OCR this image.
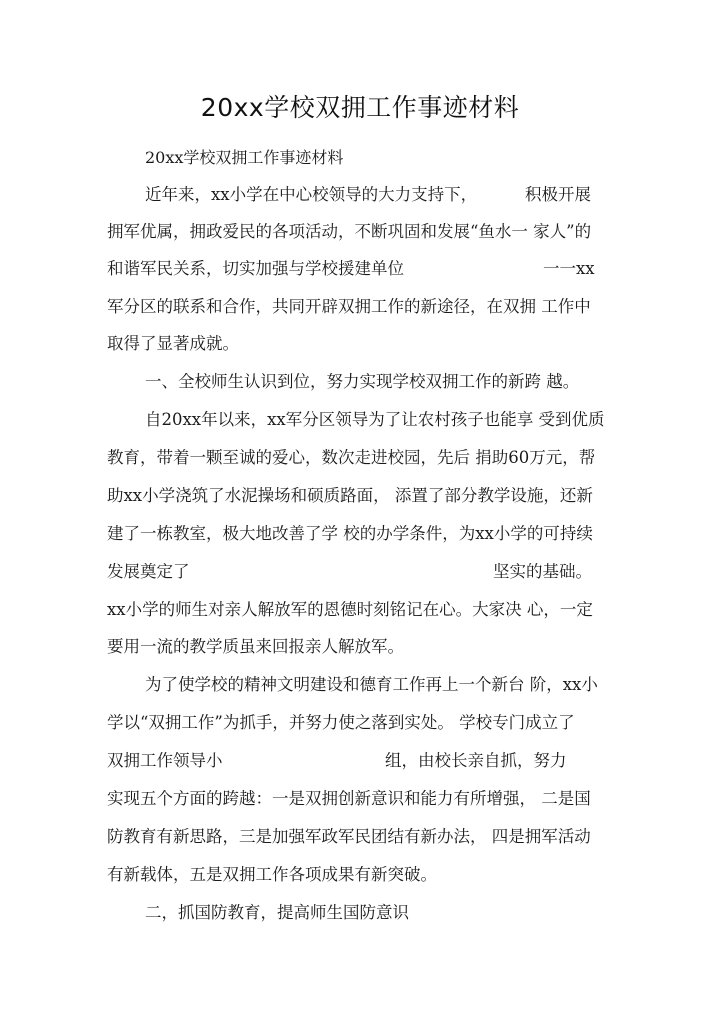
20xx学校双拥工作事迹材料
20xx学校双拥工作事迹材料
近年来，xx小学在中心校领导的大力支持下，	积极开展
拥军优属，拥政爱民的各项活动，不断巩固和发展“鱼水一 家人”的
和谐军民关系，切实加强与学校援建单位	一一xx
军分区的联系和合作，共同开辟双拥工作的新途径，在双拥 工作中
取得了显著成就。
一、全校师生认识到位，努力实现学校双拥工作的新跨 越。
自20xx年以来，xx军分区领导为了让农村孩子也能享 受到优质
教育，带着一颗至诚的爱心，数次走进校园，先后 捐助60万元，帮
助xx小学浇筑了水泥操场和硕质路面， 添置了部分教学设施，还新
建了一栋教室，极大地改善了学 校的办学条件，为xx小学的可持续
发展奠定了	坚实的基础。
xx小学的师生对亲人解放军的恩德时刻铭记在心。大家决 心，一定
要用一流的教学质虽来回报亲人解放军。
为了使学校的精神文明建设和德育工作再上一个新台 阶，xx小
学以“双拥工作”为抓手，并努力使之落到实处。 学校专门成立了
双拥工作领导小	组，由校长亲自抓，努力
实现五个方面的跨越：一是双拥创新意识和能力有所增强， 二是国
防教育有新思路，三是加强军政军民团结有新办法， 四是拥军活动
有新载体，五是双拥工作各项成果有新突破。
二，抓国防教育，提高师生国防意识
